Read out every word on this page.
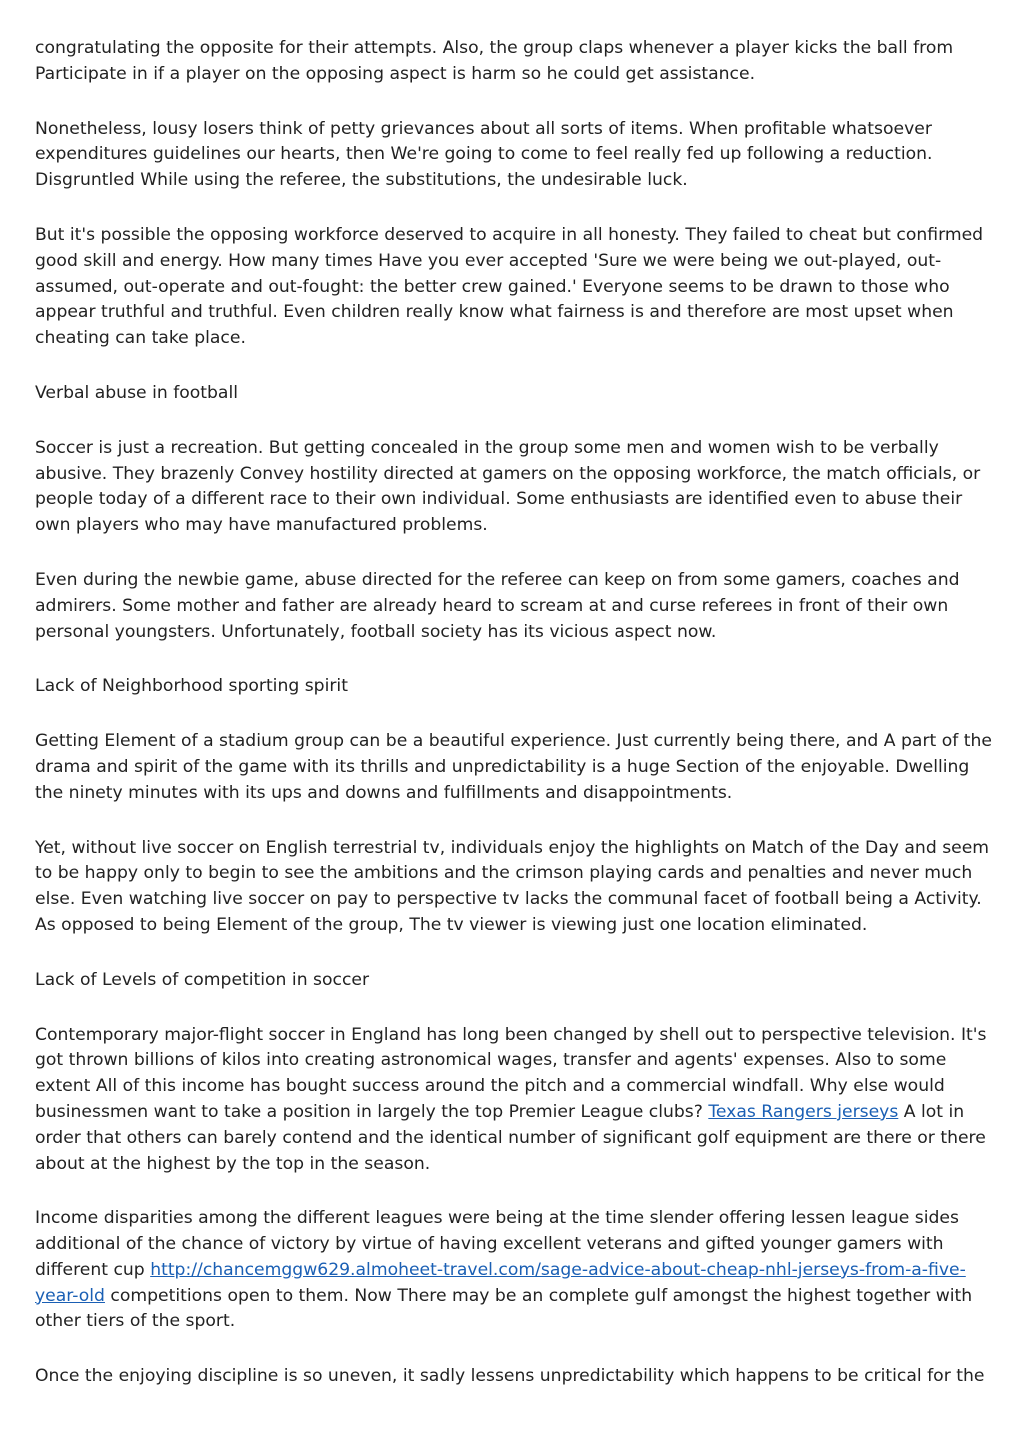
congratulating the opposite for their attempts. Also, the group claps whenever a player kicks the ball from Participate in if a player on the opposing aspect is harm so he could get assistance.

Nonetheless, lousy losers think of petty grievances about all sorts of items. When profitable whatsoever expenditures guidelines our hearts, then We're going to come to feel really fed up following a reduction. Disgruntled While using the referee, the substitutions, the undesirable luck.

But it's possible the opposing workforce deserved to acquire in all honesty. They failed to cheat but confirmed good skill and energy. How many times Have you ever accepted 'Sure we were being we out-played, out-assumed, out-operate and out-fought: the better crew gained.' Everyone seems to be drawn to those who appear truthful and truthful. Even children really know what fairness is and therefore are most upset when cheating can take place.

Verbal abuse in football

Soccer is just a recreation. But getting concealed in the group some men and women wish to be verbally abusive. They brazenly Convey hostility directed at gamers on the opposing workforce, the match officials, or people today of a different race to their own individual. Some enthusiasts are identified even to abuse their own players who may have manufactured problems.

Even during the newbie game, abuse directed for the referee can keep on from some gamers, coaches and admirers. Some mother and father are already heard to scream at and curse referees in front of their own personal youngsters. Unfortunately, football society has its vicious aspect now.

Lack of Neighborhood sporting spirit

Getting Element of a stadium group can be a beautiful experience. Just currently being there, and A part of the drama and spirit of the game with its thrills and unpredictability is a huge Section of the enjoyable. Dwelling the ninety minutes with its ups and downs and fulfillments and disappointments.

Yet, without live soccer on English terrestrial tv, individuals enjoy the highlights on Match of the Day and seem to be happy only to begin to see the ambitions and the crimson playing cards and penalties and never much else. Even watching live soccer on pay to perspective tv lacks the communal facet of football being a Activity. As opposed to being Element of the group, The tv viewer is viewing just one location eliminated.

Lack of Levels of competition in soccer

Contemporary major-flight soccer in England has long been changed by shell out to perspective television. It's got thrown billions of kilos into creating astronomical wages, transfer and agents' expenses. Also to some extent All of this income has bought success around the pitch and a commercial windfall. Why else would businessmen want to take a position in largely the top Premier League clubs? Texas Rangers jerseys A lot in order that others can barely contend and the identical number of significant golf equipment are there or there about at the highest by the top in the season.

Income disparities among the different leagues were being at the time slender offering lessen league sides additional of the chance of victory by virtue of having excellent veterans and gifted younger gamers with different cup http://chancemggw629.almoheet-travel.com/sage-advice-about-cheap-nhl-jerseys-from-a-five-year-old competitions open to them. Now There may be an complete gulf amongst the highest together with other tiers of the sport.

Once the enjoying discipline is so uneven, it sadly lessens unpredictability which happens to be critical for the
